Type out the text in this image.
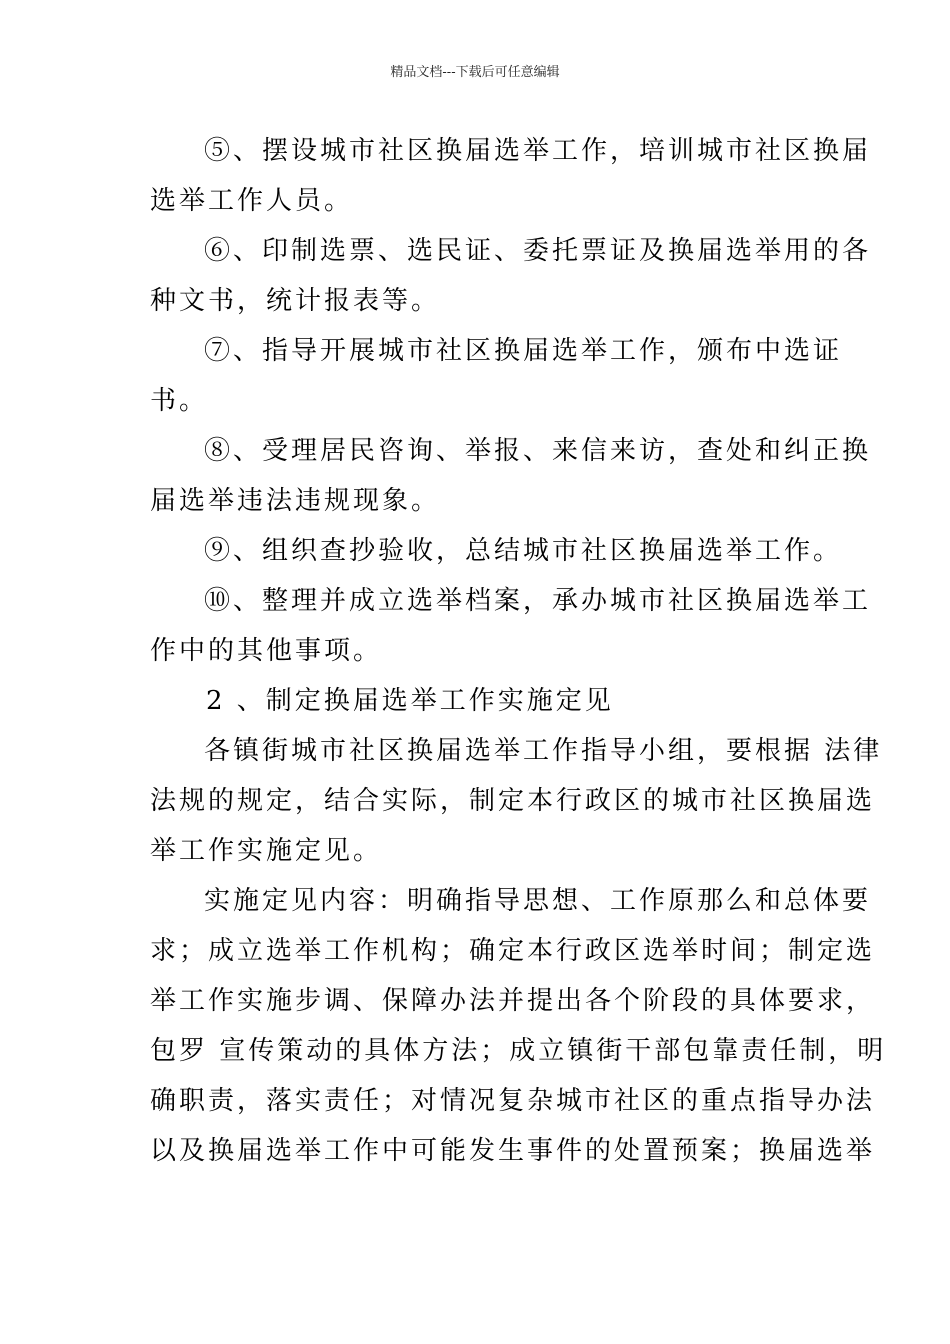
精品文档---下载后可任意编辑
⑤、摆设城市社区换届选举工作，培训城市社区换届
选举工作人员。
⑥、印制选票、选民证、委托票证及换届选举用的各
种文书，统计报表等。
⑦、指导开展城市社区换届选举工作，颁布中选证
书。
⑧、受理居民咨询、举报、来信来访，查处和纠正换
届选举违法违规现象。
⑨、组织查抄验收，总结城市社区换届选举工作。
⑩、整理并成立选举档案，承办城市社区换届选举工
作中的其他事项。
2 、制定换届选举工作实施定见
各镇街城市社区换届选举工作指导小组，要根据 法律
法规的规定，结合实际，制定本行政区的城市社区换届选
举工作实施定见。
实施定见内容：明确指导思想、工作原那么和总体要
求；成立选举工作机构；确定本行政区选举时间；制定选
举工作实施步调、保障办法并提出各个阶段的具体要求，
包罗 宣传策动的具体方法；成立镇街干部包靠责任制，明
确职责，落实责任；对情况复杂城市社区的重点指导办法
以及换届选举工作中可能发生事件的处置预案；换届选举
